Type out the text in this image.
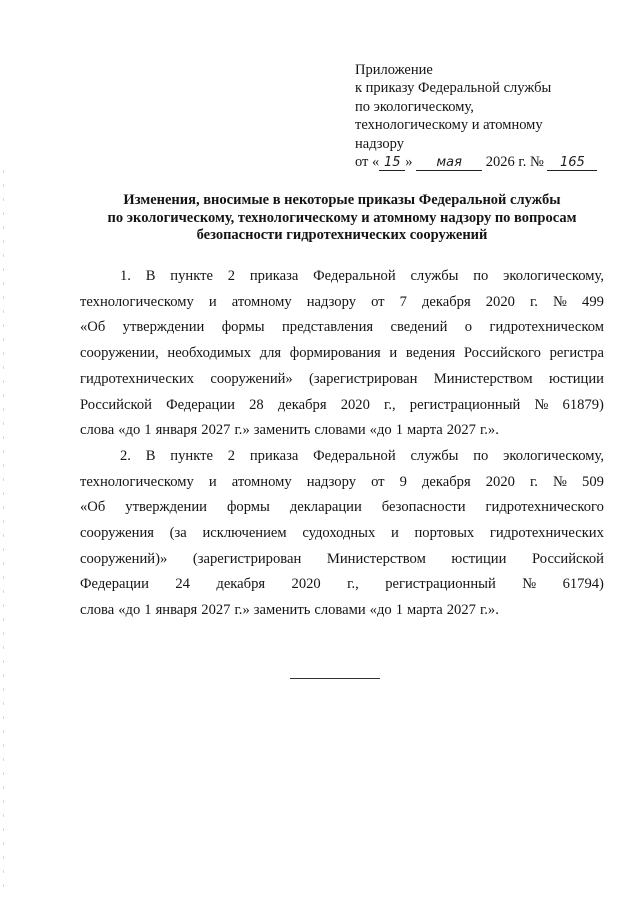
Приложение
к приказу Федеральной службы
по экологическому,
технологическому и атомному
надзору
от « 15 » мая 2026 г. № 165
Изменения, вносимые в некоторые приказы Федеральной службы
по экологическому, технологическому и атомному надзору по вопросам
безопасности гидротехнических сооружений
1. В пункте 2 приказа Федеральной службы по экологическому,
технологическому и атомному надзору от 7 декабря 2020 г. № 499
«Об утверждении формы представления сведений о гидротехническом
сооружении, необходимых для формирования и ведения Российского регистра
гидротехнических сооружений» (зарегистрирован Министерством юстиции
Российской Федерации 28 декабря 2020 г., регистрационный № 61879)
слова «до 1 января 2027 г.» заменить словами «до 1 марта 2027 г.».
2. В пункте 2 приказа Федеральной службы по экологическому,
технологическому и атомному надзору от 9 декабря 2020 г. № 509
«Об утверждении формы декларации безопасности гидротехнического
сооружения (за исключением судоходных и портовых гидротехнических
сооружений)» (зарегистрирован Министерством юстиции Российской
Федерации 24 декабря 2020 г., регистрационный № 61794)
слова «до 1 января 2027 г.» заменить словами «до 1 марта 2027 г.».
